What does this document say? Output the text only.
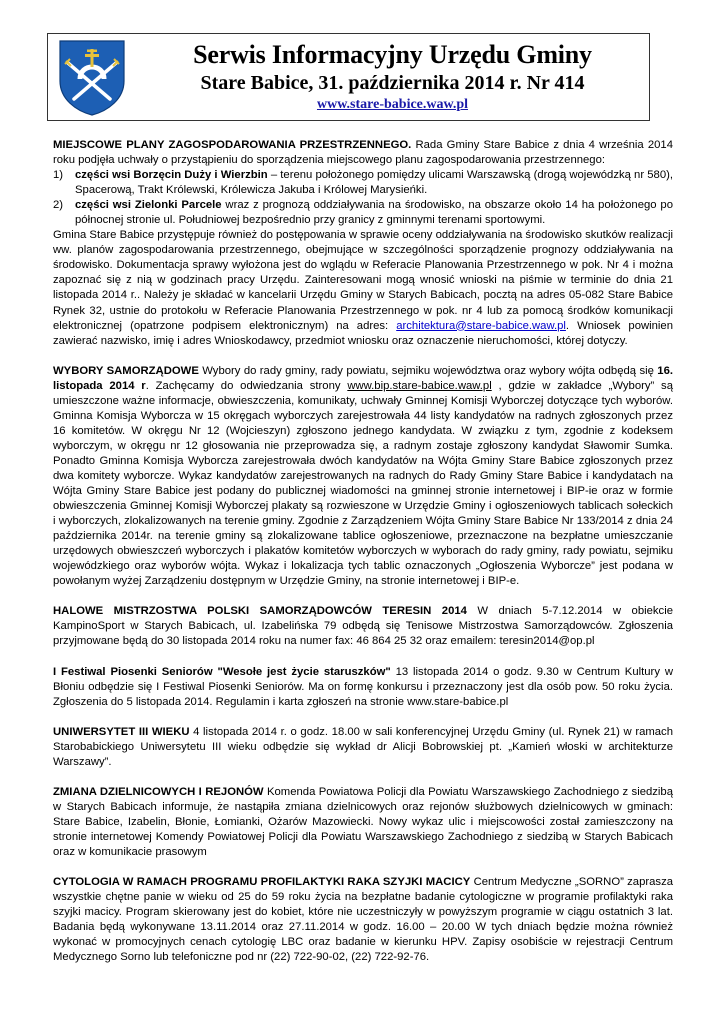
Serwis Informacyjny Urzędu Gminy
Stare Babice, 31. października 2014 r. Nr 414
www.stare-babice.waw.pl

MIEJSCOWE PLANY ZAGOSPODAROWANIA PRZESTRZENNEGO. Rada Gminy Stare Babice z dnia 4 września 2014 roku podjęła uchwały o przystąpieniu do sporządzenia miejscowego planu zagospodarowania przestrzennego:

1)	części wsi Borzęcin Duży i Wierzbin – terenu położonego pomiędzy ulicami Warszawską (drogą wojewódzką nr 580), Spacerową, Trakt Królewski, Królewicza Jakuba i Królowej Marysieńki.
2)	części wsi Zielonki Parcele wraz z prognozą oddziaływania na środowisko, na obszarze około 14 ha położonego po północnej stronie ul. Południowej bezpośrednio przy granicy z gminnymi terenami sportowymi.

Gmina Stare Babice przystępuje również do postępowania w sprawie oceny oddziaływania na środowisko skutków realizacji ww. planów zagospodarowania przestrzennego, obejmujące w szczególności sporządzenie prognozy oddziaływania na środowisko. Dokumentacja sprawy wyłożona jest do wglądu w Referacie Planowania Przestrzennego w pok. Nr 4 i można zapoznać się z nią w godzinach pracy Urzędu. Zainteresowani mogą wnosić wnioski na piśmie w terminie do dnia 21 listopada 2014 r.. Należy je składać w kancelarii Urzędu Gminy w Starych Babicach, pocztą na adres 05-082 Stare Babice Rynek 32, ustnie do protokołu w Referacie Planowania Przestrzennego w pok. nr 4 lub za pomocą środków komunikacji elektronicznej (opatrzone podpisem elektronicznym) na adres: architektura@stare-babice.waw.pl. Wniosek powinien zawierać nazwisko, imię i adres Wnioskodawcy, przedmiot wniosku oraz oznaczenie nieruchomości, której dotyczy.

WYBORY SAMORZĄDOWE Wybory do rady gminy, rady powiatu, sejmiku województwa oraz wybory wójta odbędą się 16. listopada 2014 r. Zachęcamy do odwiedzania strony www.bip.stare-babice.waw.pl , gdzie w zakładce „Wybory” są umieszczone ważne informacje, obwieszczenia, komunikaty, uchwały Gminnej Komisji Wyborczej dotyczące tych wyborów. Gminna Komisja Wyborcza w 15 okręgach wyborczych zarejestrowała 44 listy kandydatów na radnych zgłoszonych przez 16 komitetów. W okręgu Nr 12 (Wojcieszyn) zgłoszono jednego kandydata. W związku z tym, zgodnie z kodeksem wyborczym, w okręgu nr 12 głosowania nie przeprowadza się, a radnym zostaje zgłoszony kandydat Sławomir Sumka. Ponadto Gminna Komisja Wyborcza zarejestrowała dwóch kandydatów na Wójta Gminy Stare Babice zgłoszonych przez dwa komitety wyborcze. Wykaz kandydatów zarejestrowanych na radnych do Rady Gminy Stare Babice i kandydatach na Wójta Gminy Stare Babice jest podany do publicznej wiadomości na gminnej stronie internetowej i BIP-ie oraz w formie obwieszczenia Gminnej Komisji Wyborczej plakaty są rozwieszone w Urzędzie Gminy i ogłoszeniowych tablicach sołeckich i wyborczych, zlokalizowanych na terenie gminy. Zgodnie z Zarządzeniem Wójta Gminy Stare Babice Nr 133/2014 z dnia 24 października 2014r. na terenie gminy są zlokalizowane tablice ogłoszeniowe, przeznaczone na bezpłatne umieszczanie urzędowych obwieszczeń wyborczych i plakatów komitetów wyborczych w wyborach do rady gminy, rady powiatu, sejmiku wojewódzkiego oraz wyborów wójta. Wykaz i lokalizacja tych tablic oznaczonych „Ogłoszenia Wyborcze” jest podana w powołanym wyżej Zarządzeniu dostępnym w Urzędzie Gminy, na stronie internetowej i BIP-e.

HALOWE MISTRZOSTWA POLSKI SAMORZĄDOWCÓW TERESIN 2014 W dniach 5-7.12.2014 w obiekcie KampinoSport w Starych Babicach, ul. Izabelińska 79 odbędą się Tenisowe Mistrzostwa Samorządowców. Zgłoszenia przyjmowane będą do 30 listopada 2014 roku na numer fax: 46 864 25 32 oraz emailem: teresin2014@op.pl

I Festiwal Piosenki Seniorów "Wesołe jest życie staruszków" 13 listopada 2014 o godz. 9.30 w Centrum Kultury w Błoniu odbędzie się I Festiwal Piosenki Seniorów. Ma on formę konkursu i przeznaczony jest dla osób pow. 50 roku życia. Zgłoszenia do 5 listopada 2014. Regulamin i karta zgłoszeń na stronie www.stare-babice.pl

UNIWERSYTET III WIEKU 4 listopada 2014 r. o godz. 18.00 w sali konferencyjnej Urzędu Gminy (ul. Rynek 21) w ramach Starobabickiego Uniwersytetu III wieku odbędzie się wykład dr Alicji Bobrowskiej pt. „Kamień włoski w architekturze Warszawy”.

ZMIANA DZIELNICOWYCH I REJONÓW Komenda Powiatowa Policji dla Powiatu Warszawskiego Zachodniego z siedzibą w Starych Babicach informuje, że nastąpiła zmiana dzielnicowych oraz rejonów służbowych dzielnicowych w gminach: Stare Babice, Izabelin, Błonie, Łomianki, Ożarów Mazowiecki. Nowy wykaz ulic i miejscowości został zamieszczony na stronie internetowej Komendy Powiatowej Policji dla Powiatu Warszawskiego Zachodniego z siedzibą w Starych Babicach oraz w komunikacie prasowym

CYTOLOGIA W RAMACH PROGRAMU PROFILAKTYKI RAKA SZYJKI MACICY Centrum Medyczne „SORNO” zaprasza wszystkie chętne panie w wieku od 25 do 59 roku życia na bezpłatne badanie cytologiczne w programie profilaktyki raka szyjki macicy. Program skierowany jest do kobiet, które nie uczestniczyły w powyższym programie w ciągu ostatnich 3 lat. Badania będą wykonywane 13.11.2014 oraz 27.11.2014 w godz. 16.00 – 20.00 W tych dniach będzie można również wykonać w promocyjnych cenach cytologię LBC oraz badanie w kierunku HPV. Zapisy osobiście w rejestracji Centrum Medycznego Sorno lub telefoniczne pod nr (22) 722-90-02, (22) 722-92-76.
